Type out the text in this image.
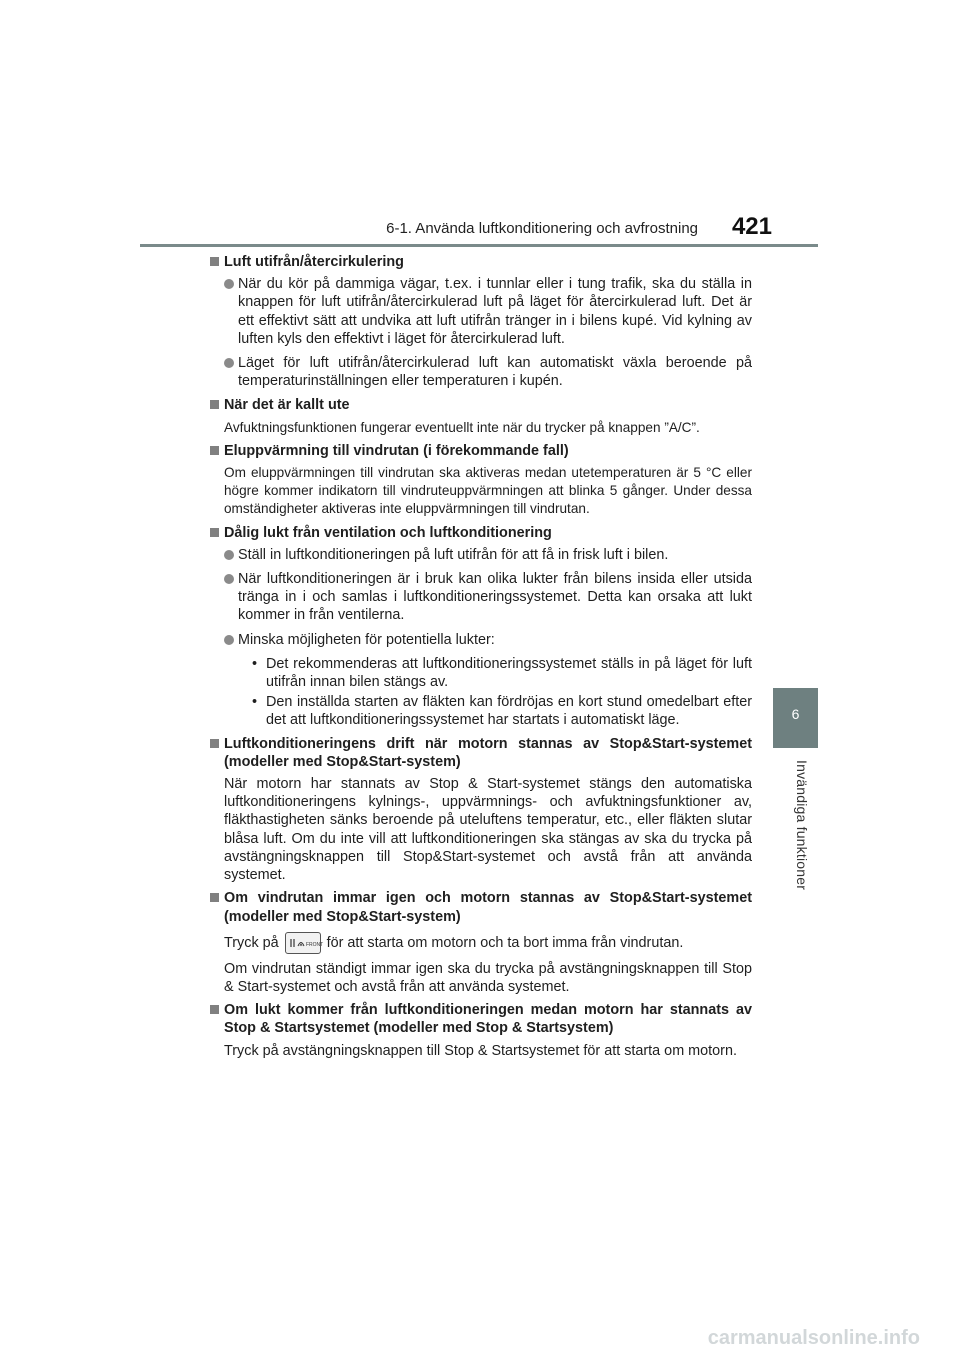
6-1. Använda luftkonditionering och avfrostning 421
6
Invändiga funktioner
Luft utifrån/återcirkulering
När du kör på dammiga vägar, t.ex. i tunnlar eller i tung trafik, ska du ställa in knappen för luft utifrån/återcirkulerad luft på läget för återcirkulerad luft. Det är ett effektivt sätt att undvika att luft utifrån tränger in i bilens kupé. Vid kylning av luften kyls den effektivt i läget för återcirkulerad luft.
Läget för luft utifrån/återcirkulerad luft kan automatiskt växla beroende på temperaturinställningen eller temperaturen i kupén.
När det är kallt ute
Avfuktningsfunktionen fungerar eventuellt inte när du trycker på knappen ”A/C”.
Eluppvärmning till vindrutan (i förekommande fall)
Om eluppvärmningen till vindrutan ska aktiveras medan utetemperaturen är 5 °C eller högre kommer indikatorn till vindruteuppvärmningen att blinka 5 gånger. Under dessa omständigheter aktiveras inte eluppvärmningen till vindrutan.
Dålig lukt från ventilation och luftkonditionering
Ställ in luftkonditioneringen på luft utifrån för att få in frisk luft i bilen.
När luftkonditioneringen är i bruk kan olika lukter från bilens insida eller utsida tränga in i och samlas i luftkonditioneringssystemet. Detta kan orsaka att lukt kommer in från ventilerna.
Minska möjligheten för potentiella lukter:
• Det rekommenderas att luftkonditioneringssystemet ställs in på läget för luft utifrån innan bilen stängs av.
• Den inställda starten av fläkten kan fördröjas en kort stund omedelbart efter det att luftkonditioneringssystemet har startats i automatiskt läge.
Luftkonditioneringens drift när motorn stannas av Stop&Start-systemet (modeller med Stop&Start-system)
När motorn har stannats av Stop & Start-systemet stängs den automatiska luftkonditioneringens kylnings-, uppvärmnings- och avfuktningsfunktioner av, fläkthastigheten sänks beroende på uteluftens temperatur, etc., eller fläkten slutar blåsa luft. Om du inte vill att luftkonditioneringen ska stängas av ska du trycka på avstängningsknappen till Stop&Start-systemet och avstå från att använda systemet.
Om vindrutan immar igen och motorn stannas av Stop&Start-systemet (modeller med Stop&Start-system)
Tryck på	FRONT för att starta om motorn och ta bort imma från vindrutan.
Om vindrutan ständigt immar igen ska du trycka på avstängningsknappen till Stop & Start-systemet och avstå från att använda systemet.
Om lukt kommer från luftkonditioneringen medan motorn har stannats av Stop & Startsystemet (modeller med Stop & Startsystem)
Tryck på avstängningsknappen till Stop & Startsystemet för att starta om motorn.
carmanualsonline.info
